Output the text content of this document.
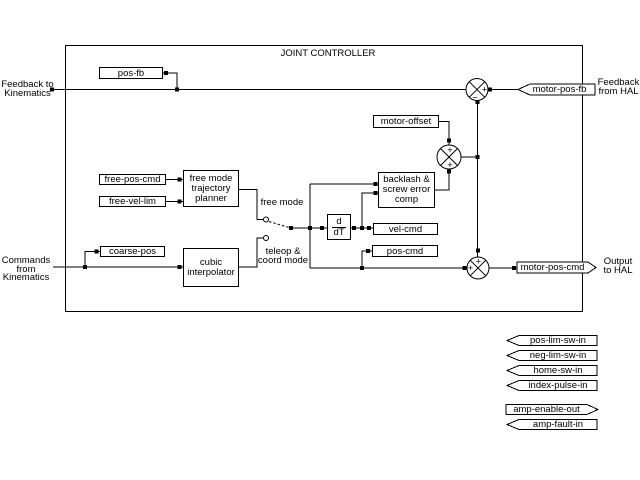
+
−
+
+
+
+
JOINT CONTROLLER
Feedback to
Kinematics
Commands
from
Kinematics
Feedback
from HAL
Output
to HAL
free mode
teleop &
coord mode
pos-fb
motor-offset
free-pos-cmd
free-vel-lim
coarse-pos
vel-cmd
pos-cmd
free mode
trajectory
planner
cubic
interpolator
backlash &
screw error
comp
d
dT
motor-pos-fb
motor-pos-cmd
pos-lim-sw-in
neg-lim-sw-in
home-sw-in
index-pulse-in
amp-enable-out
amp-fault-in
